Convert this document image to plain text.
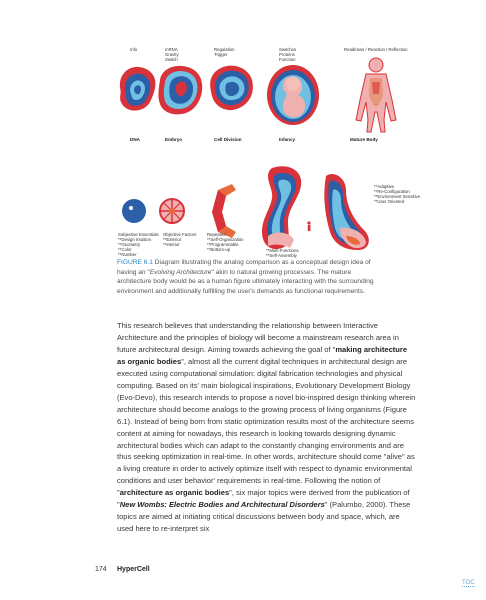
Info	mRNA
Gravity
Switch
Regulation
Trigger
Switches
Proteins
Function
Readiness / Reaction / Reflection
DNA	Embryo	Cell Division	Infancy	Mature Body
Subjective Essentials
**Design Intuition
**Geometry
**Color
**Number
Objective Factors
**Exterior
**Interior
Repeated
**Self-Organization
**Programmable
**Bottom-up	**Multi-Functions
**Self-Assembly
**Adaptive
**Re-Configuration
**Environment Sensitive
**User Oriented
FIGURE 6.1 Diagram illustrating the analog comparison as a conceptual design idea of having an "Evolving Architecture" akin to natural growing processes. The mature architecture body would be as a human figure ultimately interacting with the surrounding environment and additionally fulfilling the user's demands as functional requirements.
This research believes that understanding the relationship between Interactive Architecture and the principles of biology will become a mainstream research area in future architectural design. Aiming towards achieving the goal of "making architecture as organic bodies", almost all the current digital techniques in architectural design are executed using computational simulation: digital fabrication technologies and physical computing. Based on its' main biological inspirations, Evolutionary Development Biology (Evo-Devo), this research intends to propose a novel bio-inspired design thinking wherein architecture should become analogs to the growing process of living organisms (Figure 6.1). Instead of being born from static optimization results most of the architecture seems content at aiming for nowadays, this research is looking towards designing dynamic architectural bodies which can adapt to the constantly changing environments and are thus seeking optimization in real-time. In other words, architecture should come "alive" as a living creature in order to actively optimize itself with respect to dynamic environmental conditions and user behavior' requirements in real-time. Following the notion of "architecture as organic bodies", six major topics were derived from the publication of "New Wombs: Electric Bodies and Architectural Disorders" (Palumbo, 2000). These topics are aimed at initiating critical discussions between body and space, which, are used here to re-interpret six
174 HyperCell
TOC
